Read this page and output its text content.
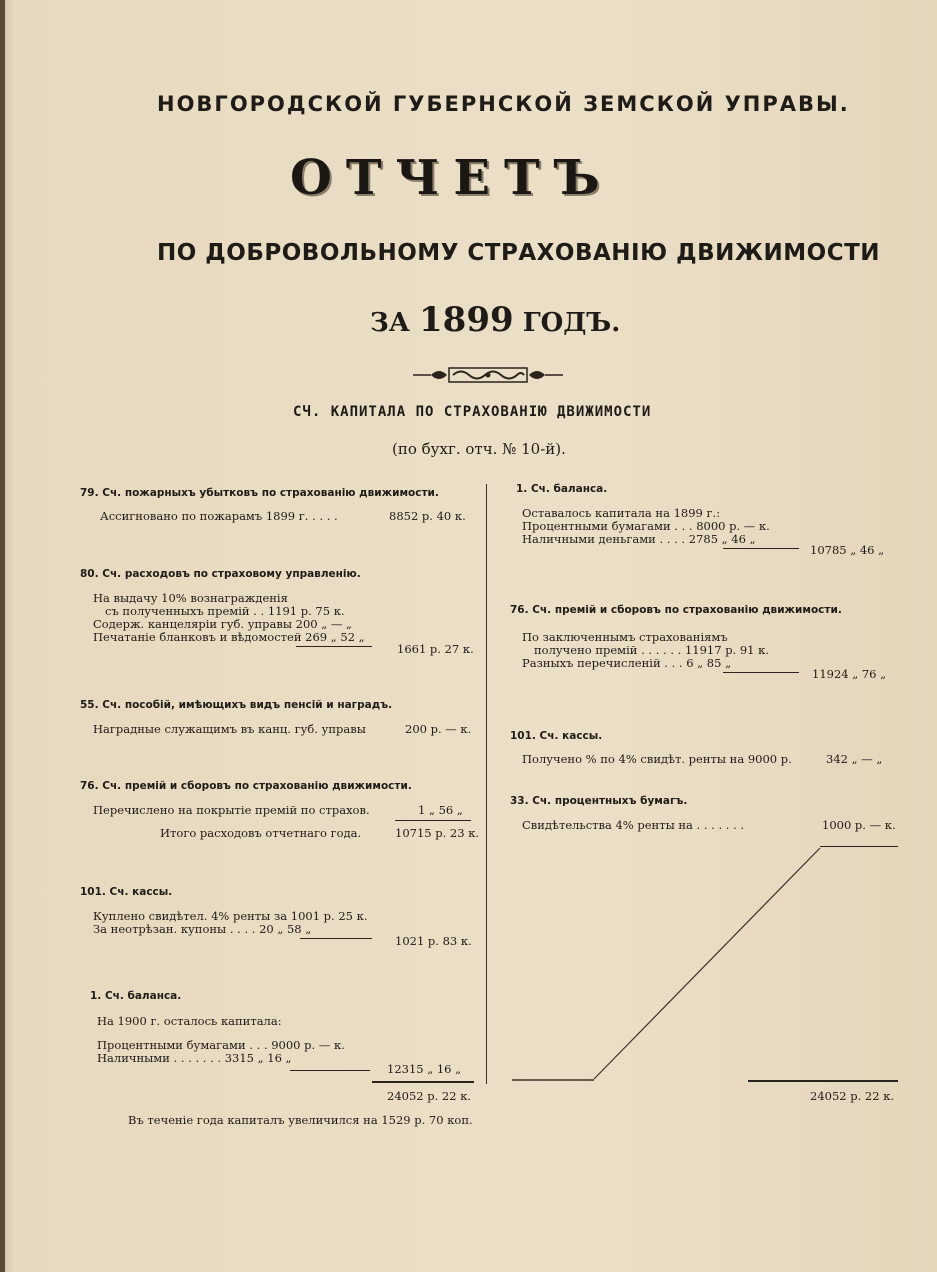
НОВГОРОДСКОЙ ГУБЕРНСКОЙ ЗЕМСКОЙ УПРАВЫ.
ОТЧЕТЪ
ПО ДОБРОВОЛЬНОМУ СТРАХОВАНІЮ ДВИЖИМОСТИ
ЗА 1899 ГОДЪ.
СЧ. КАПИТАЛА ПО СТРАХОВАНІЮ ДВИЖИМОСТИ
(по бухг. отч. № 10-й).
79. Сч. пожарныхъ убытковъ по страхованію движимости.
Ассигновано по пожарамъ 1899 г. . . . .	8852 р. 40 к.
80. Сч. расходовъ по страховому управленію.
На выдачу 10% вознагражденія
съ полученныхъ премій . . 1191 р. 75 к.
Содерж. канцеляріи губ. управы 200 „ — „
Печатаніе бланковъ и вѣдомостей 269 „ 52 „
1661 р. 27 к.
55. Сч. пособій, имѣющихъ видъ пенсій и наградъ.
Наградные служащимъ въ канц. губ. управы	200 р. — к.
76. Сч. премій и сборовъ по страхованію движимости.
Перечислено на покрытіе премій по страхов.	1 „ 56 „
Итого расходовъ отчетнаго года.	10715 р. 23 к.
101. Сч. кассы.
Куплено свидѣтел. 4% ренты за 1001 р. 25 к.
За неотрѣзан. купоны . . . . 20 „ 58 „
1021 р. 83 к.
1. Сч. баланса.
На 1900 г. осталось капитала:
Процентными бумагами . . . 9000 р. — к.
Наличными . . . . . . . 3315 „ 16 „
12315 „ 16 „
24052 р. 22 к.
Въ теченіе года капиталъ увеличился на 1529 р. 70 коп.
1. Сч. баланса.
Оставалось капитала на 1899 г.:
Процентными бумагами . . . 8000 р. — к.
Наличными деньгами . . . . 2785 „ 46 „
10785 „ 46 „
76. Сч. премій и сборовъ по страхованію движимости.
По заключеннымъ страхованіямъ
получено премій . . . . . . 11917 р. 91 к.
Разныхъ перечисленій . . . 6 „ 85 „
11924 „ 76 „
101. Сч. кассы.
Получено % по 4% свидѣт. ренты на 9000 р.	342 „ — „
33. Сч. процентныхъ бумагъ.
Свидѣтельства 4% ренты на . . . . . . .	1000 р. — к.
24052 р. 22 к.
